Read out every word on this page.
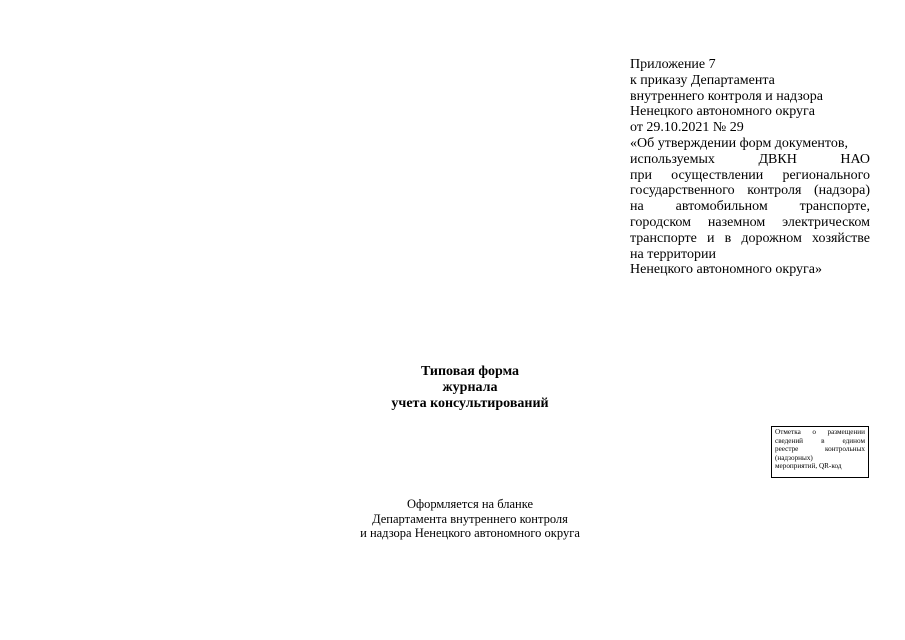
Приложение 7
к приказу Департамента
внутреннего контроля и надзора
Ненецкого автономного округа
от 29.10.2021 № 29
«Об утверждении форм документов,
используемых ДВКН НАО
при осуществлении регионального
государственного контроля (надзора)
на автомобильном транспорте,
городском наземном электрическом
транспорте и в дорожном хозяйстве
на территории
Ненецкого автономного округа»
Типовая форма
журнала
учета консультирований
Отметка о размещении
сведений в едином
реестре контрольных
(надзорных)
мероприятий, QR-код
Оформляется на бланке
Департамента внутреннего контроля
и надзора Ненецкого автономного округа
